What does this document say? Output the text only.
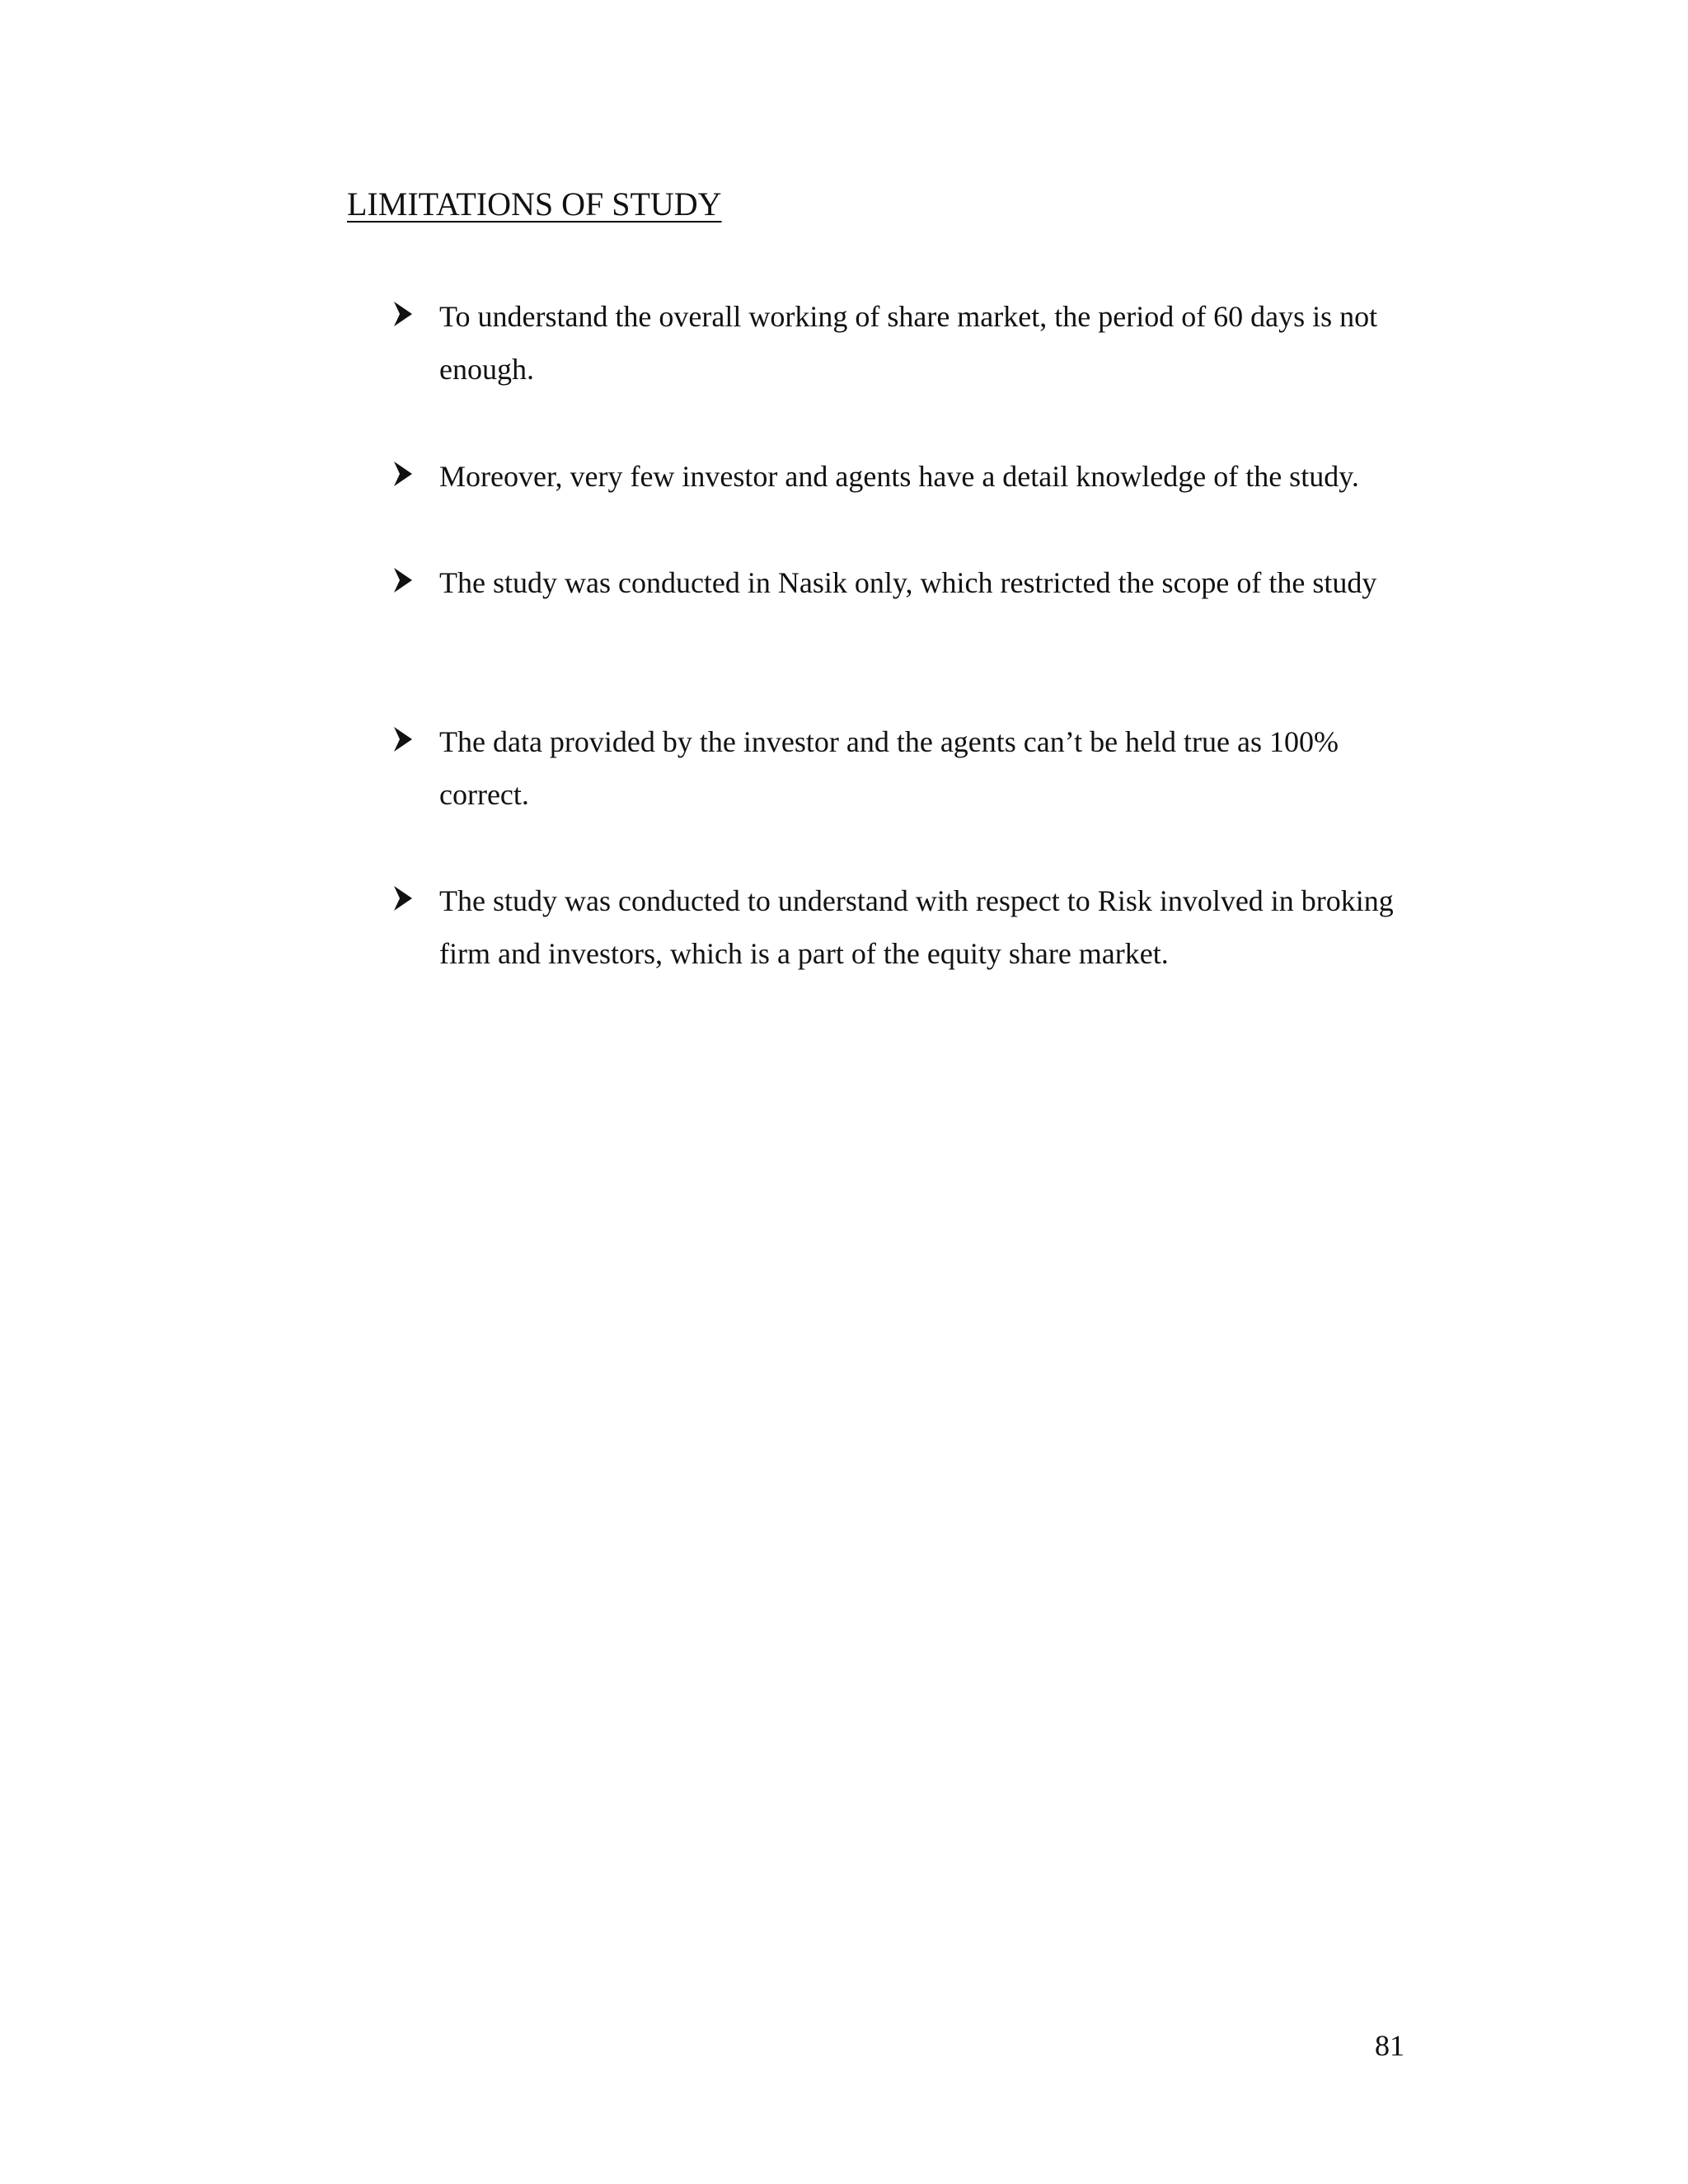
LIMITATIONS OF STUDY
To understand the overall working of share market, the period of 60 days is not enough.
Moreover, very few investor and agents have a detail knowledge of the study.
The study was conducted in Nasik only, which restricted the scope of the study
The data provided by the investor and the agents can’t be held true as 100% correct.
The study was conducted to understand with respect to Risk involved in broking firm and investors, which is a part of the equity share market.
81
